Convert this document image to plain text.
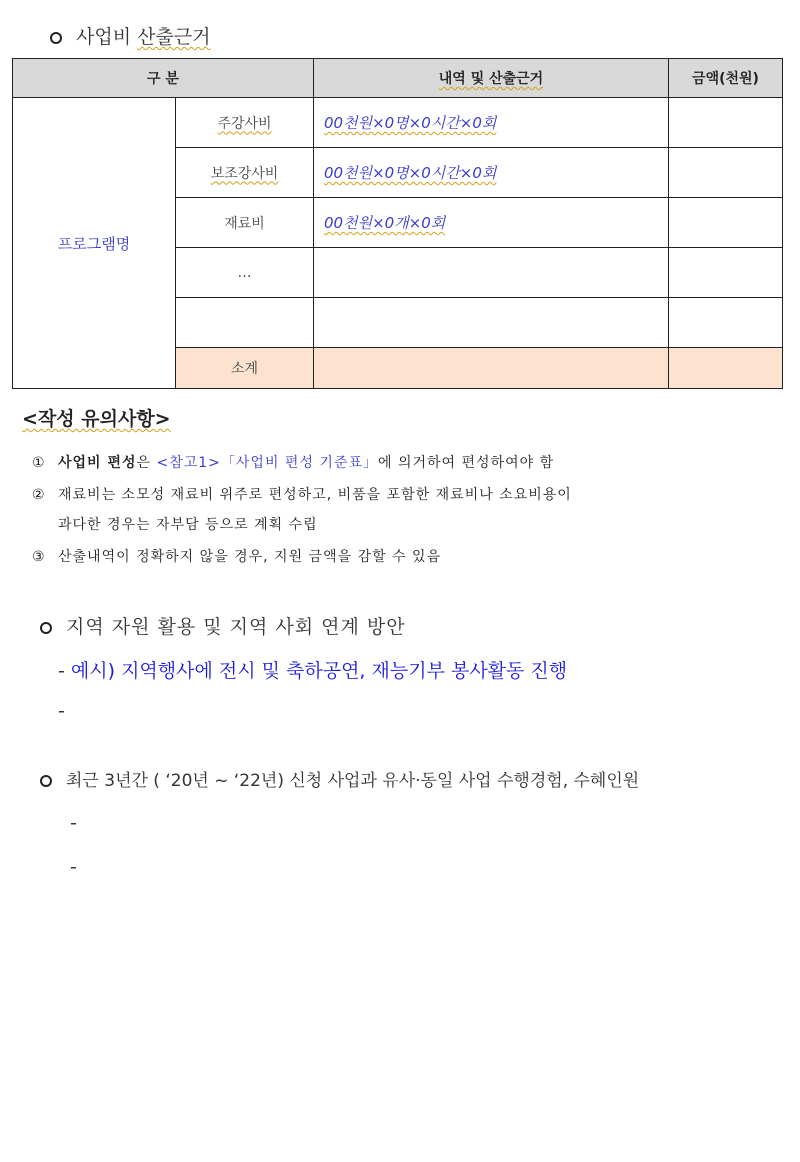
사업비 산출근거
구 분		내역 및 산출근거	금액(천원)
프로그램명	주강사비	00천원×0명×0시간×0회	
	보조강사비	00천원×0명×0시간×0회	
	재료비	00천원×0개×0회	
	…		

	소계		
<작성 유의사항>
① 사업비 편성은 <참고1>「사업비 편성 기준표」에 의거하여 편성하여야 함
② 재료비는 소모성 재료비 위주로 편성하고, 비품을 포함한 재료비나 소요비용이
과다한 경우는 자부담 등으로 계획 수립
③ 산출내역이 정확하지 않을 경우, 지원 금액을 감할 수 있음
지역 자원 활용 및 지역 사회 연계 방안
- 예시) 지역행사에 전시 및 축하공연, 재능기부 봉사활동 진행
-
최근 3년간 ( ‘20년 ~ ‘22년) 신청 사업과 유사·동일 사업 수행경험, 수혜인원
-
-
